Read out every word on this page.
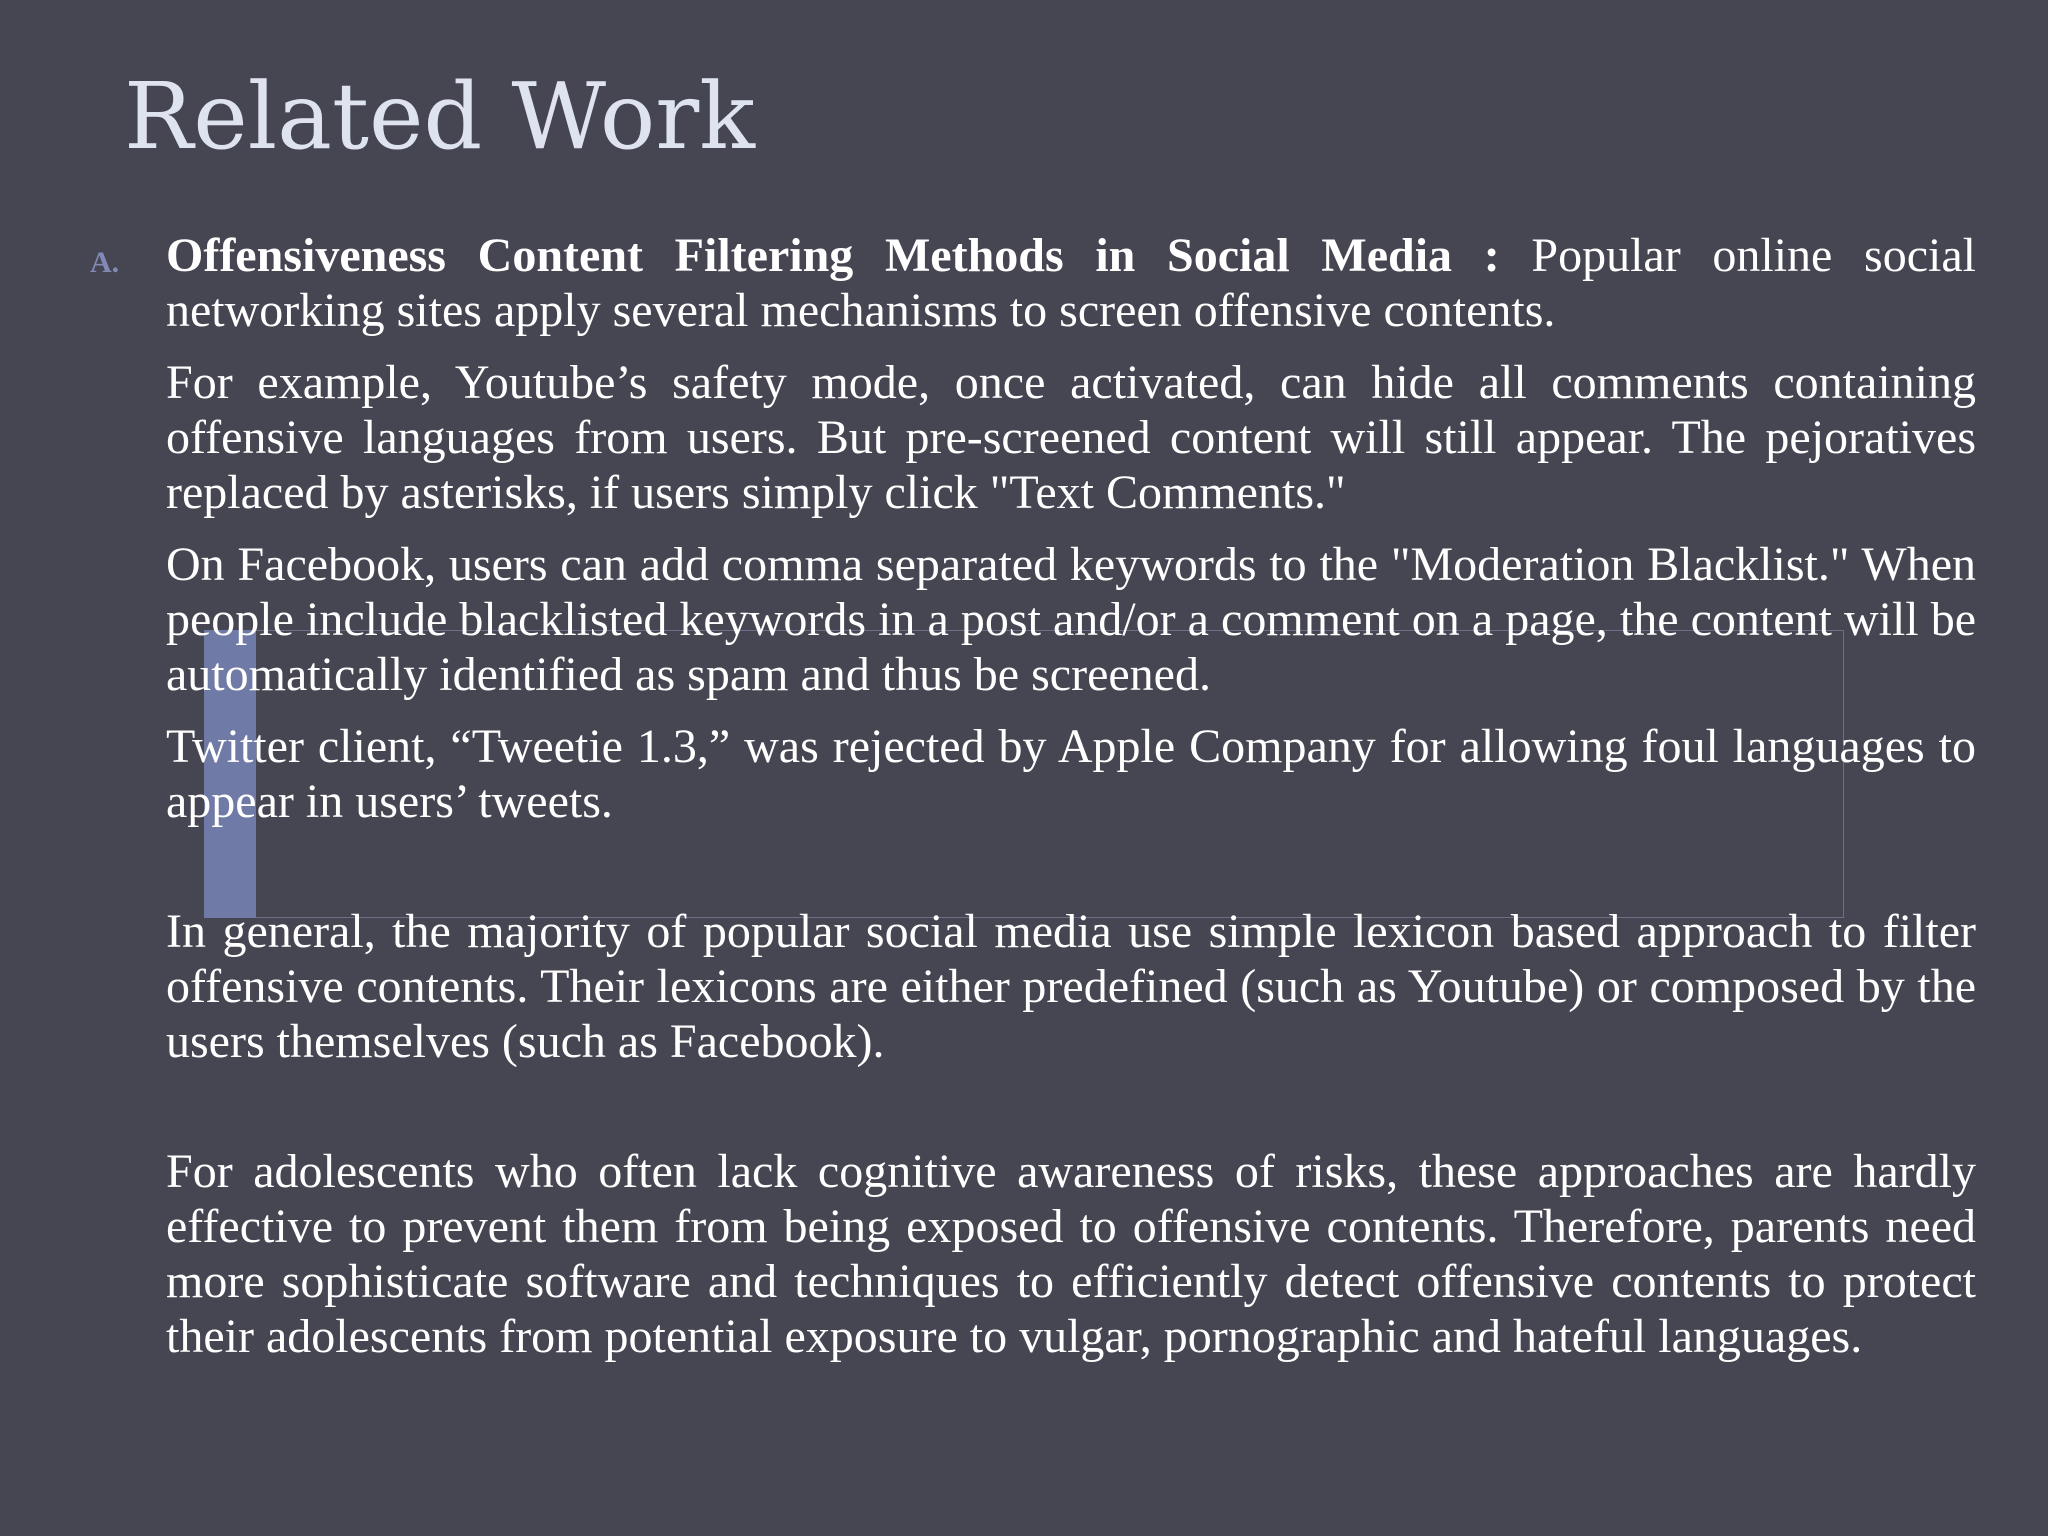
Related Work
A. Offensiveness Content Filtering Methods in Social Media : Popular online social networking sites apply several mechanisms to screen offensive contents.

For example, Youtube’s safety mode, once activated, can hide all comments containing offensive languages from users. But pre-screened content will still appear. The pejoratives replaced by asterisks, if users simply click "Text Comments."

On Facebook, users can add comma separated keywords to the "Moderation Blacklist." When people include blacklisted keywords in a post and/or a comment on a page, the content will be automatically identified as spam and thus be screened.

Twitter client, “Tweetie 1.3,” was rejected by Apple Company for allowing foul languages to appear in users’ tweets.

In general, the majority of popular social media use simple lexicon based approach to filter offensive contents. Their lexicons are either predefined (such as Youtube) or composed by the users themselves (such as Facebook).

For adolescents who often lack cognitive awareness of risks, these approaches are hardly effective to prevent them from being exposed to offensive contents. Therefore, parents need more sophisticate software and techniques to efficiently detect offensive contents to protect their adolescents from potential exposure to vulgar, pornographic and hateful languages.
